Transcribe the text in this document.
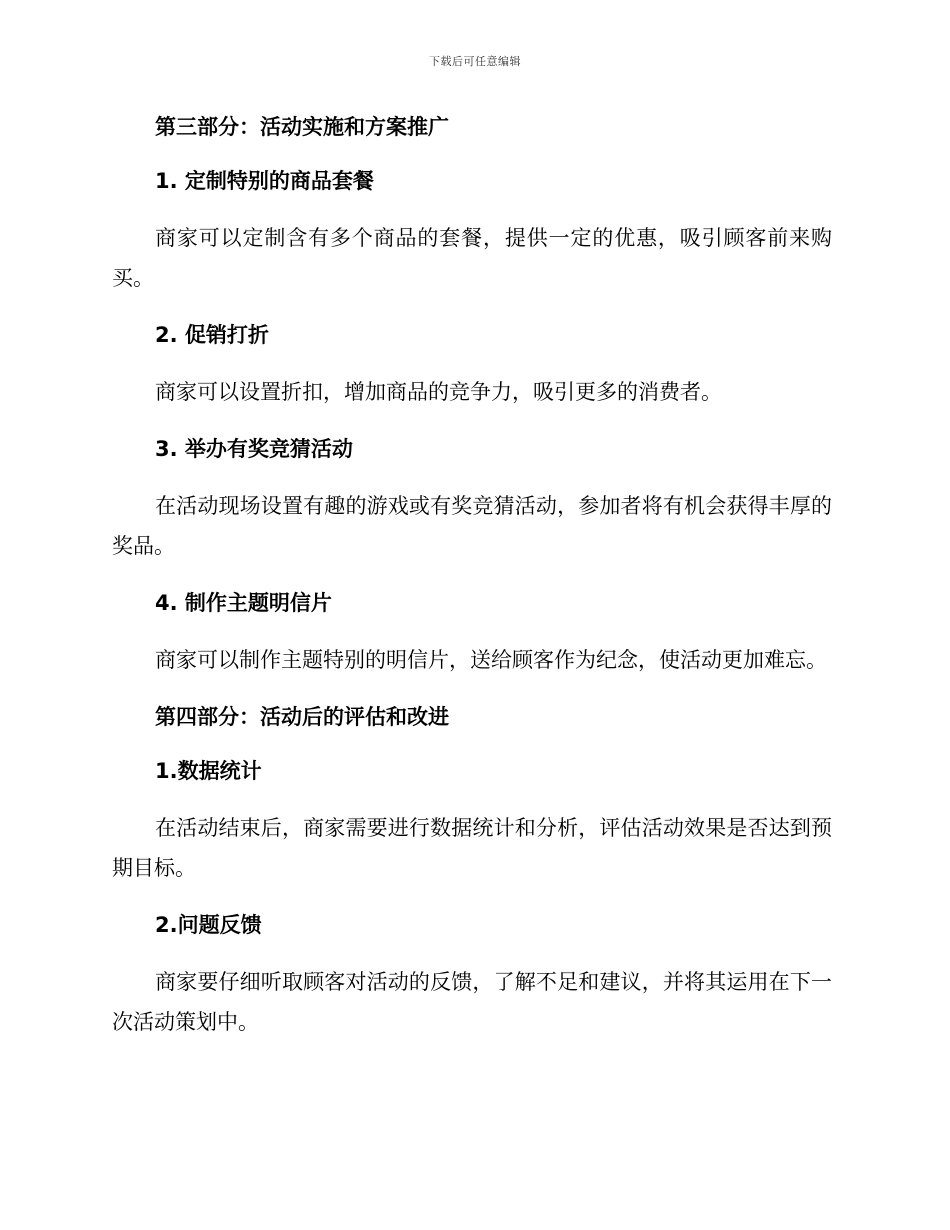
下载后可任意编辑

第三部分：活动实施和方案推广

1. 定制特别的商品套餐

商家可以定制含有多个商品的套餐，提供一定的优惠，吸引顾客前来购买。

2. 促销打折

商家可以设置折扣，增加商品的竞争力，吸引更多的消费者。

3. 举办有奖竞猜活动

在活动现场设置有趣的游戏或有奖竞猜活动，参加者将有机会获得丰厚的奖品。

4. 制作主题明信片

商家可以制作主题特别的明信片，送给顾客作为纪念，使活动更加难忘。

第四部分：活动后的评估和改进

1.数据统计

在活动结束后，商家需要进行数据统计和分析，评估活动效果是否达到预期目标。

2.问题反馈

商家要仔细听取顾客对活动的反馈，了解不足和建议，并将其运用在下一次活动策划中。
